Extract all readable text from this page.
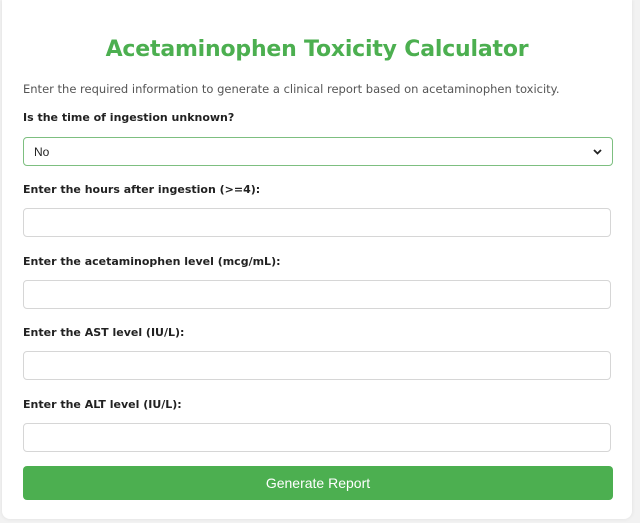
Acetaminophen Toxicity Calculator

Enter the required information to generate a clinical report based on acetaminophen toxicity.

Is the time of ingestion unknown?
No
Enter the hours after ingestion (>=4):
Enter the acetaminophen level (mcg/mL):
Enter the AST level (IU/L):
Enter the ALT level (IU/L):
Generate Report
